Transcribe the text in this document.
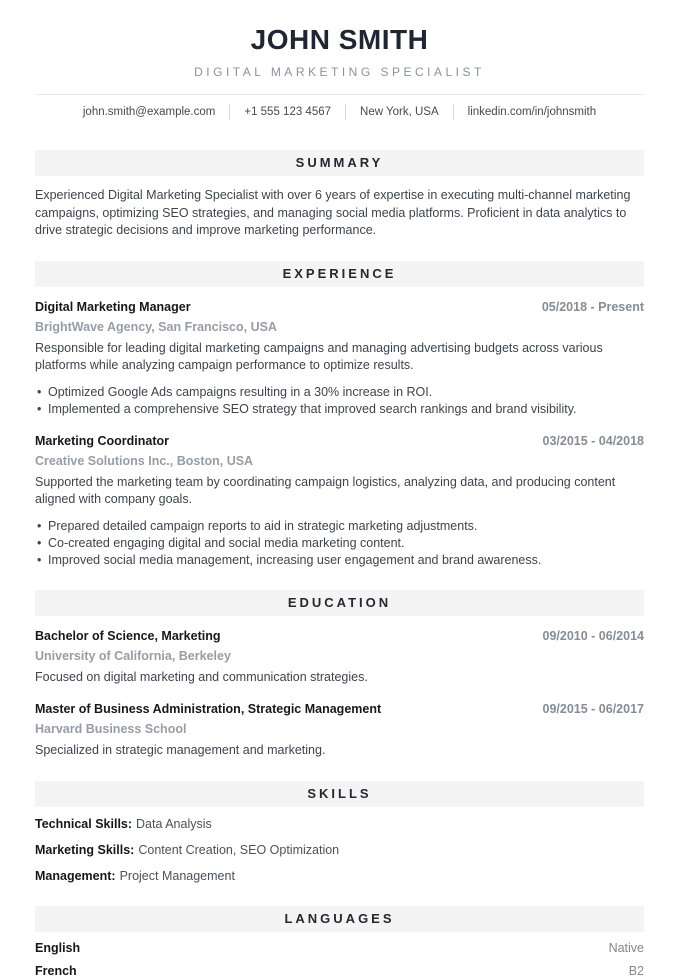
JOHN SMITH
DIGITAL MARKETING SPECIALIST
john.smith@example.com	+1 555 123 4567	New York, USA	linkedin.com/in/johnsmith
SUMMARY

Experienced Digital Marketing Specialist with over 6 years of expertise in executing multi-channel marketing campaigns, optimizing SEO strategies, and managing social media platforms. Proficient in data analytics to drive strategic decisions and improve marketing performance.

EXPERIENCE
Digital Marketing Manager	05/2018 - Present
BrightWave Agency, San Francisco, USA

Responsible for leading digital marketing campaigns and managing advertising budgets across various platforms while analyzing campaign performance to optimize results.

• Optimized Google Ads campaigns resulting in a 30% increase in ROI.
• Implemented a comprehensive SEO strategy that improved search rankings and brand visibility.
Marketing Coordinator	03/2015 - 04/2018
Creative Solutions Inc., Boston, USA

Supported the marketing team by coordinating campaign logistics, analyzing data, and producing content aligned with company goals.

• Prepared detailed campaign reports to aid in strategic marketing adjustments.
• Co-created engaging digital and social media marketing content.
• Improved social media management, increasing user engagement and brand awareness.
EDUCATION
Bachelor of Science, Marketing	09/2010 - 06/2014
University of California, Berkeley

Focused on digital marketing and communication strategies.

Master of Business Administration, Strategic Management	09/2015 - 06/2017
Harvard Business School

Specialized in strategic management and marketing.

SKILLS
Technical Skills: Data Analysis
Marketing Skills: Content Creation, SEO Optimization
Management: Project Management
LANGUAGES
English	Native
French	B2
